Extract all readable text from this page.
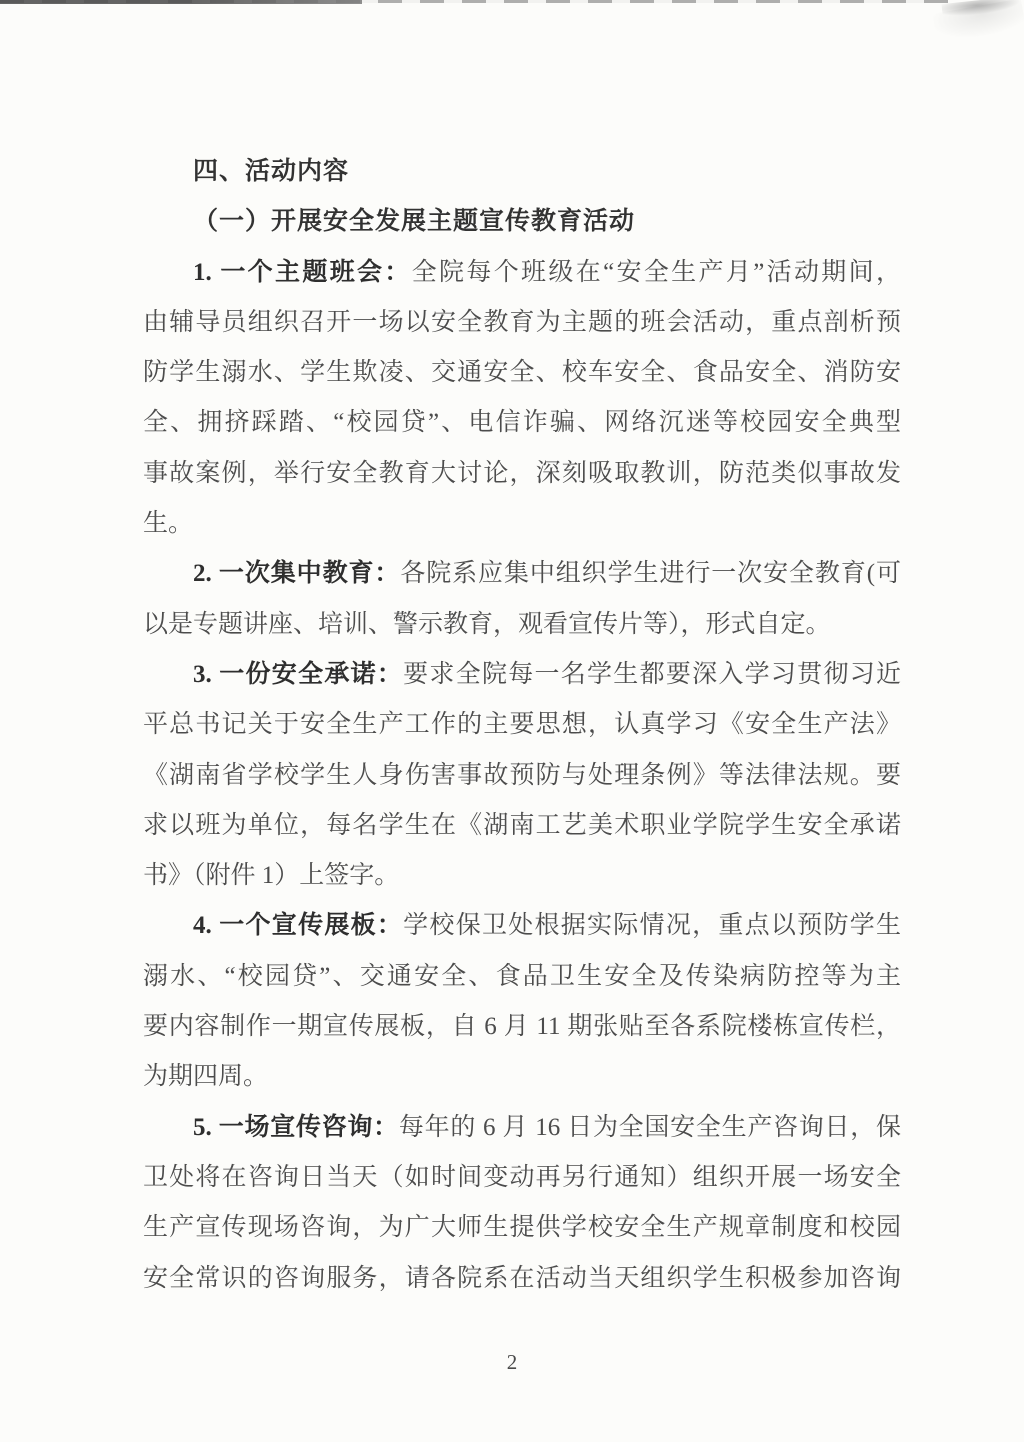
四、活动内容
（一）开展安全发展主题宣传教育活动
1. 一个主题班会：全院每个班级在“安全生产月”活动期间，
由辅导员组织召开一场以安全教育为主题的班会活动，重点剖析预
防学生溺水、学生欺凌、交通安全、校车安全、食品安全、消防安
全、拥挤踩踏、“校园贷”、电信诈骗、网络沉迷等校园安全典型
事故案例，举行安全教育大讨论，深刻吸取教训，防范类似事故发
生。
2. 一次集中教育：各院系应集中组织学生进行一次安全教育(可
以是专题讲座、培训、警示教育，观看宣传片等），形式自定。
3. 一份安全承诺：要求全院每一名学生都要深入学习贯彻习近
平总书记关于安全生产工作的主要思想，认真学习《安全生产法》
《湖南省学校学生人身伤害事故预防与处理条例》等法律法规。要
求以班为单位，每名学生在《湖南工艺美术职业学院学生安全承诺
书》（附件 1）上签字。
4. 一个宣传展板：学校保卫处根据实际情况，重点以预防学生
溺水、“校园贷”、交通安全、食品卫生安全及传染病防控等为主
要内容制作一期宣传展板，自 6 月 11 期张贴至各系院楼栋宣传栏，
为期四周。
5. 一场宣传咨询：每年的 6 月 16 日为全国安全生产咨询日，保
卫处将在咨询日当天（如时间变动再另行通知）组织开展一场安全
生产宣传现场咨询，为广大师生提供学校安全生产规章制度和校园
安全常识的咨询服务，请各院系在活动当天组织学生积极参加咨询
2
